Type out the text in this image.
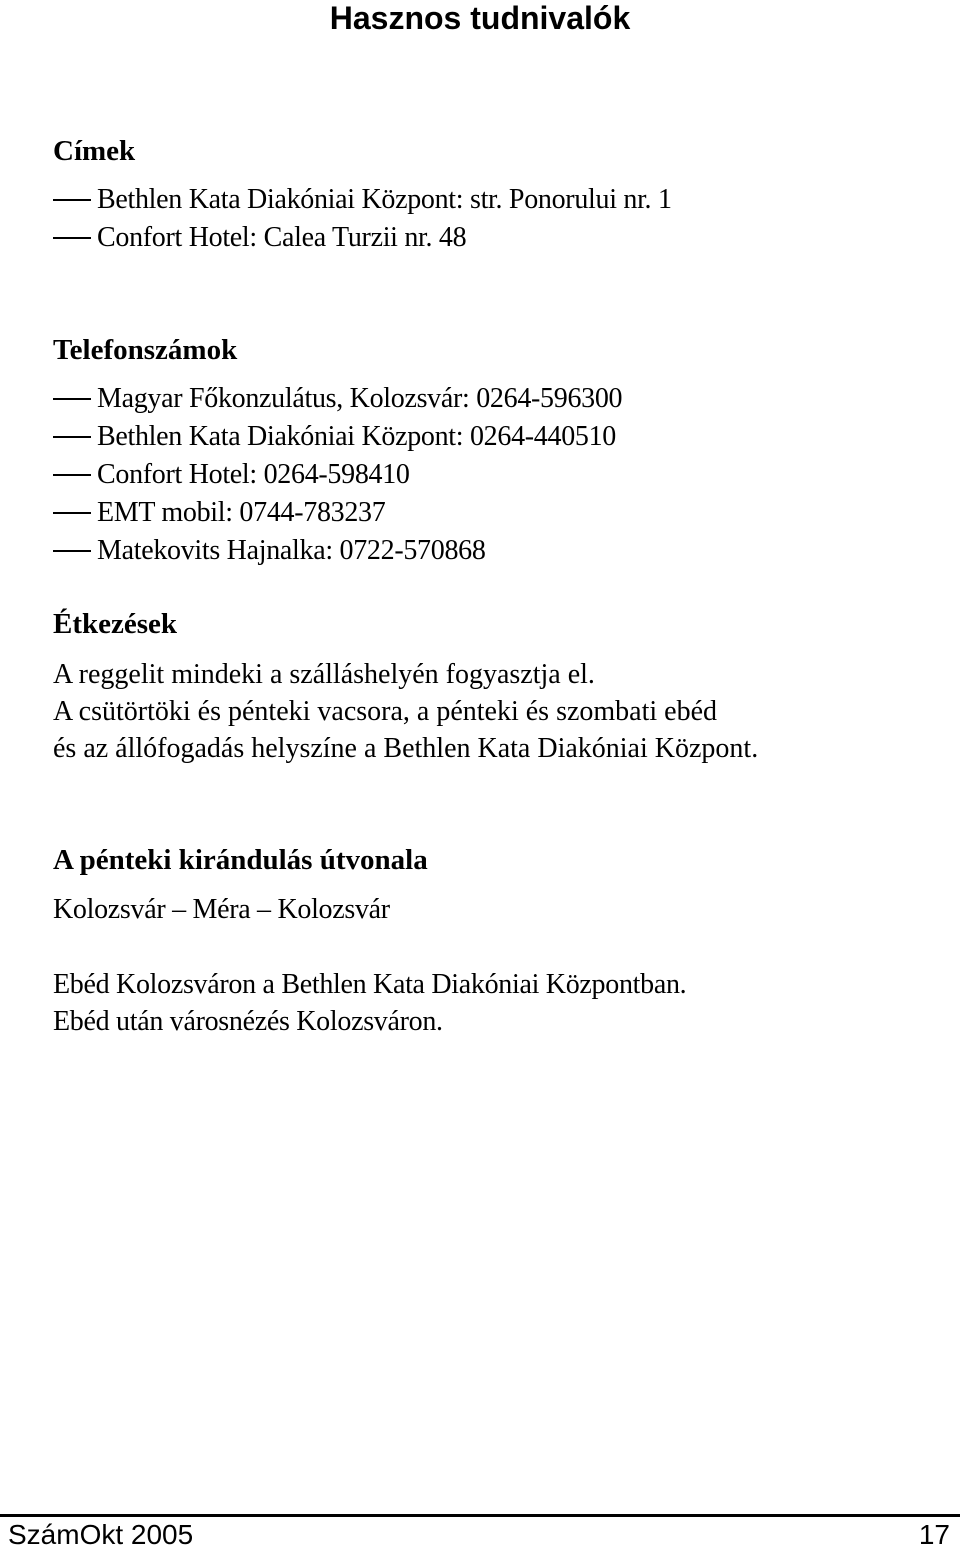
Hasznos tudnivalók
Címek
Bethlen Kata Diakóniai Központ: str. Ponorului nr. 1
Confort Hotel: Calea Turzii nr. 48
Telefonszámok
Magyar Főkonzulátus, Kolozsvár: 0264-596300
Bethlen Kata Diakóniai Központ: 0264-440510
Confort Hotel: 0264-598410
EMT mobil: 0744-783237
Matekovits Hajnalka: 0722-570868
Étkezések
A reggelit mindeki a szálláshelyén fogyasztja el.
A csütörtöki és pénteki vacsora, a pénteki és szombati ebéd
és az állófogadás helyszíne a Bethlen Kata Diakóniai Központ.
A pénteki kirándulás útvonala
Kolozsvár – Méra – Kolozsvár
Ebéd Kolozsváron a Bethlen Kata Diakóniai Központban.
Ebéd után városnézés Kolozsváron.
SzámOkt 2005	17
